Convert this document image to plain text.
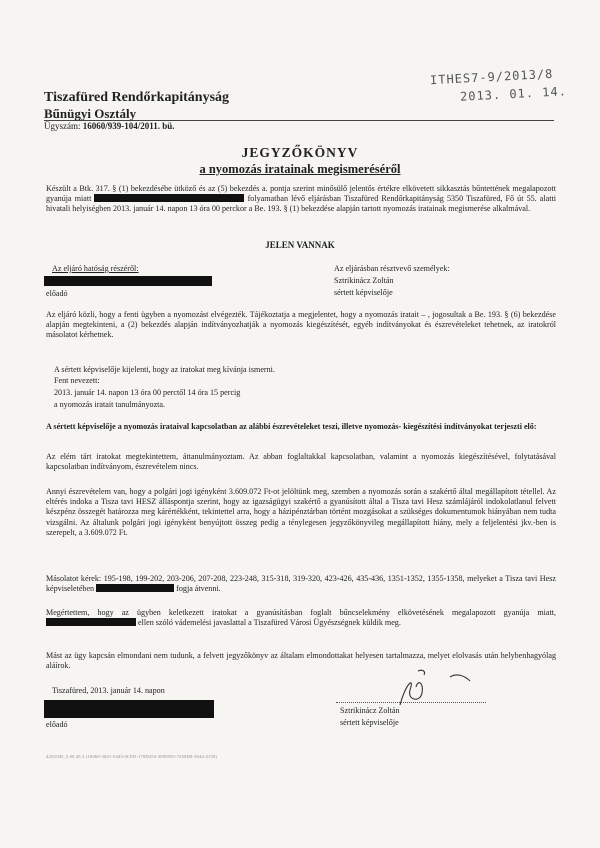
ITHES7-9/2013/8
2013. 01. 14.
Tiszafüred Rendőrkapitányság
Bűnügyi Osztály
Ügyszám: 16060/939-104/2011. bü.
JEGYZŐKÖNYV
a nyomozás iratainak megismeréséről
Készült a Btk. 317. § (1) bekezdésébe ütköző és az (5) bekezdés a. pontja szerint minősülő jelentős értékre elkövetett sikkasztás bűntettének megalapozott gyanúja miatt	folyamatban lévő eljárásban Tiszafüred Rendőrkapitányság 5350 Tiszafüred, Fő út 55. alatti hivatali helyiségben 2013. január 14. napon 13 óra 00 perckor a Be. 193. § (1) bekezdése alapján tartott nyomozás iratainak megismerése alkalmával.
JELEN VANNAK
Az eljáró hatóság részéről:
előadó
Az eljárásban résztvevő személyek:
Sztrikinácz Zoltán
sértett képviselője
Az eljáró közli, hogy a fenti ügyben a nyomozást elvégezték. Tájékoztatja a megjelentet, hogy a nyomozás iratait – , jogosultak a Be. 193. § (6) bekezdése alapján megtekinteni, a (2) bekezdés alapján indítványozhatják a nyomozás kiegészítését, egyéb indítványokat és észrevételeket tehetnek, az iratokról másolatot kérhetnek.
A sértett képviselője kijelenti, hogy az iratokat meg kívánja ismerni.
Fent nevezett:
2013. január 14. napon 13 óra 00 perctől 14 óra 15 percig
a nyomozás iratait tanulmányozta.
A sértett képviselője a nyomozás irataival kapcsolatban az alábbi észrevételeket teszi, illetve nyomozás- kiegészítési indítványokat terjeszti elő:
Az elém tárt iratokat megtekintettem, áttanulmányoztam. Az abban foglaltakkal kapcsolatban, valamint a nyomozás kiegészítésével, folytatásával kapcsolatban indítványom, észrevételem nincs.
Annyi észrevételem van, hogy a polgári jogi igényként 3.609.072 Ft-ot jelöltünk meg, szemben a nyomozás során a szakértő által megállapított tétellel. Az eltérés indoka a Tisza tavi HESZ álláspontja szerint, hogy az igazságügyi szakértő a gyanúsított által a Tisza tavi Hesz számlájáról indokolatlanul felvett készpénz összegét határozza meg kárértékként, tekintettel arra, hogy a házipénztárban történt mozgásokat a szükséges dokumentumok hiányában nem tudta vizsgálni. Az általunk polgári jogi igényként benyújtott összeg pedig a ténylegesen jegyzőkönyvileg megállapított hiány, mely a feljelentési jkv.-ben is szerepelt, a 3.609.072 Ft.
Másolatot kérek: 195-198, 199-202, 203-206, 207-208, 223-248, 315-318, 319-320, 423-426, 435-436, 1351-1352, 1355-1358, melyeket a Tisza tavi Hesz képviseletében	fogja átvenni.
Megértettem, hogy az ügyben keletkezett iratokat a gyanúsításban foglalt bűncselekmény elkövetésének megalapozott gyanúja miatt,  ellen szóló vádemelési javaslattal a Tiszafüred Városi Ügyészségnek küldik meg.
Mást az ügy kapcsán elmondani nem tudunk, a felvett jegyzőkönyv az általam elmondottakat helyesen tartalmazza, melyet elolvasás után helybenhagyólag aláírok.
Tiszafüred, 2013. január 14. napon
előadó
Sztrikinácz Zoltán
sértett képviselője
4255/SD_5.00.45.2 (16060-3041-5443-0CFD-170D255-3095955-7250D0-3044-2150)
